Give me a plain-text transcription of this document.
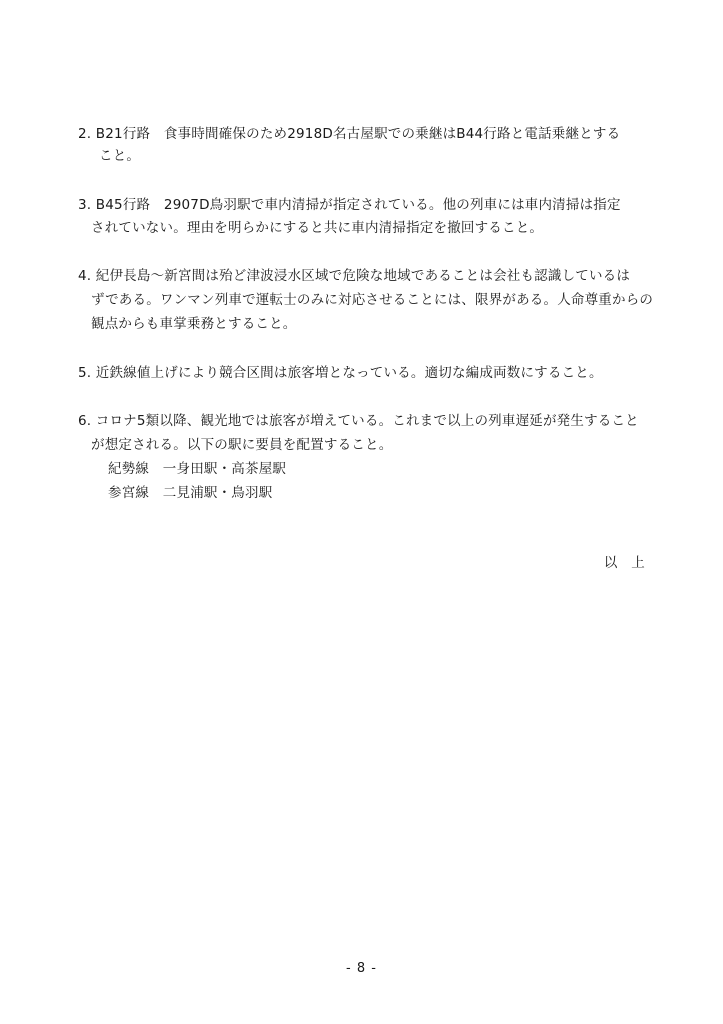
2. B21行路　食事時間確保のため2918D名古屋駅での乗継はB44行路と電話乗継とする
こと。
3. B45行路　2907D鳥羽駅で車内清掃が指定されている。他の列車には車内清掃は指定
されていない。理由を明らかにすると共に車内清掃指定を撤回すること。
4. 紀伊長島～新宮間は殆ど津波浸水区域で危険な地域であることは会社も認識しているは
ずである。ワンマン列車で運転士のみに対応させることには、限界がある。人命尊重からの
観点からも車掌乗務とすること。
5. 近鉄線値上げにより競合区間は旅客増となっている。適切な編成両数にすること。
6. コロナ5類以降、観光地では旅客が増えている。これまで以上の列車遅延が発生すること
が想定される。以下の駅に要員を配置すること。
紀勢線　一身田駅・高茶屋駅
参宮線　二見浦駅・鳥羽駅
以　上
- 8 -
